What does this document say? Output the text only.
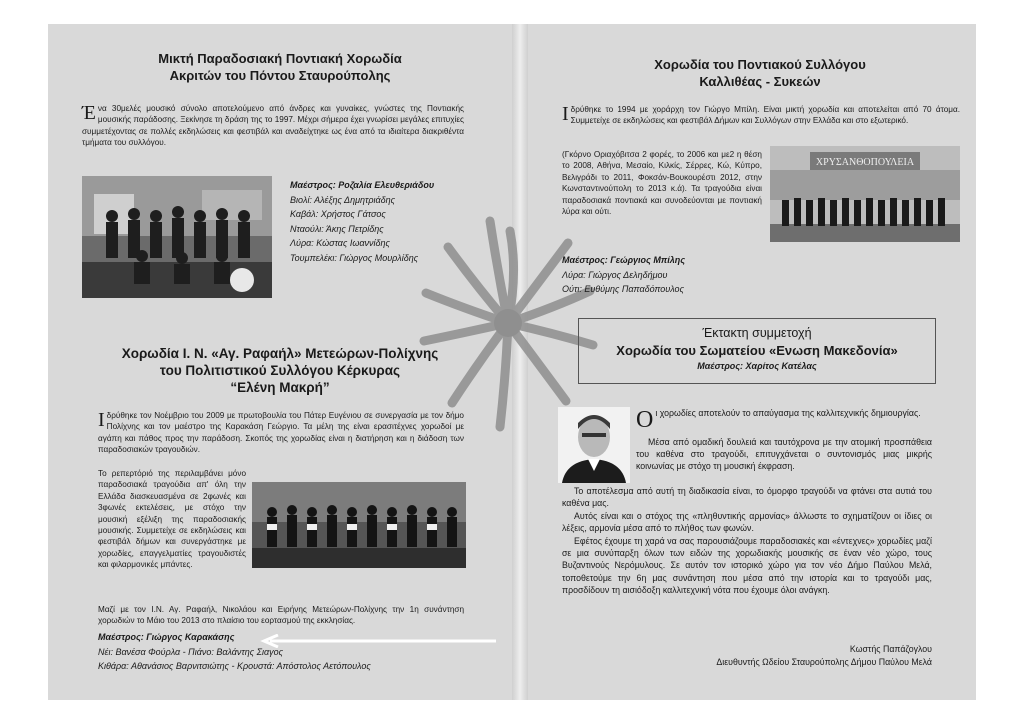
Μικτή Παραδοσιακή Ποντιακή Χορωδία
Ακριτών του Πόντου Σταυρούπολης
Ένα 30μελές μουσικό σύνολο αποτελούμενο από άνδρες και γυναίκες, γνώστες της Ποντιακής μουσικής παράδοσης. Ξεκίνησε τη δράση της το 1997. Μέχρι σήμερα έχει γνωρίσει μεγάλες επιτυχίες συμμετέχοντας σε πολλές εκδηλώσεις και φεστιβάλ και αναδείχτηκε ως ένα από τα ιδιαίτερα διακριθέντα τμήματα του συλλόγου.
Μαέστρος: Ροζαλία Ελευθεριάδου
Βιολί: Αλέξης Δημητριάδης
Καβάλ: Χρήστος Γάτσος
Νταούλι: Άκης Πετρίδης
Λύρα: Κώστας Ιωαννίδης
Τουμπελέκι: Γιώργος Μουρλίδης
Χορωδία Ι. Ν. «Αγ. Ραφαήλ» Μετεώρων-Πολίχνης
του Πολιτιστικού Συλλόγου Κέρκυρας
“Ελένη Μακρή”
Ιδρύθηκε τον Νοέμβριο του 2009 με πρωτοβουλία του Πάτερ Ευγένιου σε συνεργασία με τον δήμο Πολίχνης και τον μαέστρο της Καρακάση Γεώργιο. Τα μέλη της είναι ερασιτέχνες χορωδοί με αγάπη και πάθος προς την παράδοση. Σκοπός της χορωδίας είναι η διατήρηση και η διάδοση των παραδοσιακών τραγουδιών.
Το ρεπερτόριό της περιλαμβάνει μόνο παραδοσιακά τραγούδια απ' όλη την Ελλάδα διασκευασμένα σε 2φωνές και 3φωνές εκτελέσεις, με στόχο την μουσική εξέλιξη της παραδοσιακής μουσικής. Συμμετείχε σε εκδηλώσεις και φεστιβάλ δήμων και συνεργάστηκε με χορωδίες, επαγγελματίες τραγουδιστές και φιλαρμονικές μπάντες.
Μαζί με τον Ι.Ν. Αγ. Ραφαήλ, Νικολάου και Ειρήνης Μετεώρων-Πολίχνης την 1η συνάντηση χορωδιών το Μάιο του 2013 στο πλαίσιο του εορτασμού της εκκλησίας.
Μαέστρος: Γιώργος Καρακάσης
Νέι: Βανέσα Φούρλα - Πιάνο: Βαλάντης Σιαγος
Κιθάρα: Αθανάσιος Βαρνιτσιώτης - Κρουστά: Απόστολος Αετόπουλος
Χορωδία του Ποντιακού Συλλόγου
Καλλιθέας - Συκεών
Ιδρύθηκε το 1994 με χοράρχη τον Γιώργο Μπίλη. Είναι μικτή χορωδία και αποτελείται από 70 άτομα. Συμμετείχε σε εκδηλώσεις και φεστιβάλ Δήμων και Συλλόγων στην Ελλάδα και στο εξωτερικό.
(Γκόρνο Οριαχόβιτσα 2 φορές, το 2006 και με2 η θέση το 2008, Αθήνα, Μεσαίο, Κιλκίς, Σέρρες, Κώ, Κύπρο, Βελιγράδι το 2011, Φοκσάν-Βουκουρέστι 2012, στην Κωνσταντινούπολη το 2013 κ.ά). Τα τραγούδια είναι παραδοσιακά ποντιακά και συνοδεύονται με ποντιακή λύρα και ούτι.
ΧΡΥΣΑΝΘΟΠΟΥΛΕΙΑ
Μαέστρος: Γεώργιος Μπίλης
Λύρα: Γιώργος Δεληδήμου
Ούτι: Ευθύμης Παπαδόπουλος
Έκτακτη συμμετοχή
Χορωδία του Σωματείου «Ενωση Μακεδονία»
Μαέστρος: Χαρίτος Κατέλας
Οι χορωδίες αποτελούν το απαύγασμα της καλλιτεχνικής δημιουργίας.

Μέσα από ομαδική δουλειά και ταυτόχρονα με την ατομική προσπάθεια του καθένα στο τραγούδι, επιτυγχάνεται ο συντονισμός μιας μικρής κοινωνίας με στόχο τη μουσική έκφραση.

Το αποτέλεσμα από αυτή τη διαδικασία είναι, το όμορφο τραγούδι να φτάνει στα αυτιά του καθένα μας.

Αυτός είναι και ο στόχος της «πληθυντικής αρμονίας» άλλωστε το σχηματίζουν οι ίδιες οι λέξεις, αρμονία μέσα από το πλήθος των φωνών.

Εφέτος έχουμε τη χαρά να σας παρουσιάζουμε παραδοσιακές και «έντεχνες» χορωδίες μαζί σε μια συνύπαρξη όλων των ειδών της χορωδιακής μουσικής σε έναν νέο χώρο, τους Βυζαντινούς Νερόμυλους. Σε αυτόν τον ιστορικό χώρο για τον νέο Δήμο Παύλου Μελά, τοποθετούμε την 6η μας συνάντηση που μέσα από την ιστορία και το τραγούδι μας, προσδίδουν τη αισιόδοξη καλλιτεχνική νότα που έχουμε όλοι ανάγκη.

Κωστής Παπάζογλου
Διευθυντής Ωδείου Σταυρούπολης Δήμου Παύλου Μελά
